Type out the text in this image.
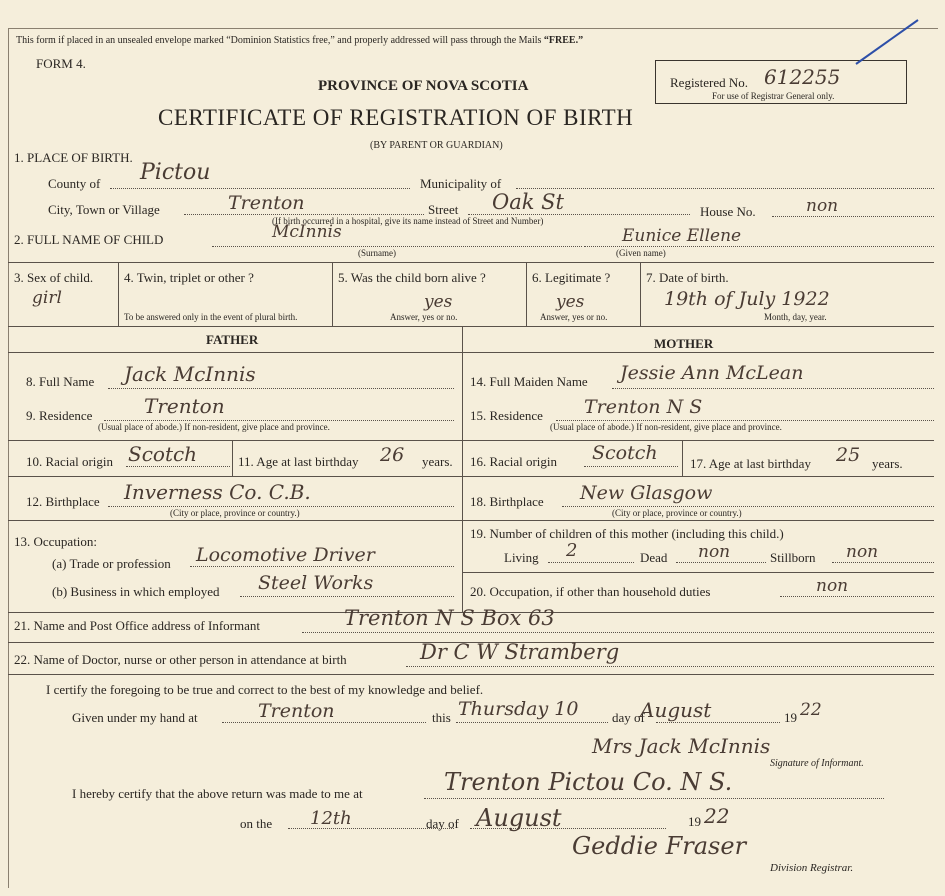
This form if placed in an unsealed envelope marked “Dominion Statistics free,” and properly addressed will pass through the Mails “FREE.”
FORM 4.
PROVINCE OF NOVA SCOTIA
CERTIFICATE OF REGISTRATION OF BIRTH
(BY PARENT OR GUARDIAN)
Registered No. 612255
For use of Registrar General only.
1. PLACE OF BIRTH.
County of Pictou	Municipality of
City, Town or Village	Trenton	Street Oak St	House No.	non
(If birth occurred in a hospital, give its name instead of Street and Number)
2. FULL NAME OF CHILD	McInnis
(Surname)
Eunice Ellene
(Given name)
3. Sex of child.
girl
4. Twin, triplet or other ?
To be answered only in the event of plural birth.
5. Was the child born alive ?
yes
Answer, yes or no.
6. Legitimate ?
yes
Answer, yes or no.
7. Date of birth.
19th of July 1922
Month, day, year.
FATHER	MOTHER
8. Full Name Jack McInnis
9. Residence	Trenton
(Usual place of abode.) If non-resident, give place and province.
10. Racial origin Scotch	11. Age at last birthday 26 years.
12. Birthplace Inverness Co. C.B.
(City or place, province or country.)
13. Occupation:
(a) Trade or profession Locomotive Driver
(b) Business in which employed Steel Works
14. Full Maiden Name Jessie Ann McLean
15. Residence Trenton N S
(Usual place of abode.) If non-resident, give place and province.
16. Racial origin Scotch 17. Age at last birthday 25 years.
18. Birthplace New Glasgow
(City or place, province or country.)
19. Number of children of this mother (including this child.)
Living 2	Dead non	Stillborn non
20. Occupation, if other than household duties	non
21. Name and Post Office address of Informant	Trenton N S Box 63
22. Name of Doctor, nurse or other person in attendance at birth	Dr C W Stramberg
I certify the foregoing to be true and correct to the best of my knowledge and belief.
Given under my hand at	Trenton	this Thursday 10	day of
August	19 22
Mrs Jack McInnis
Signature of Informant.
I hereby certify that the above return was made to me at	Trenton Pictou Co. N S.
on the 12th	day of August	19 22
Geddie Fraser
Division Registrar.
